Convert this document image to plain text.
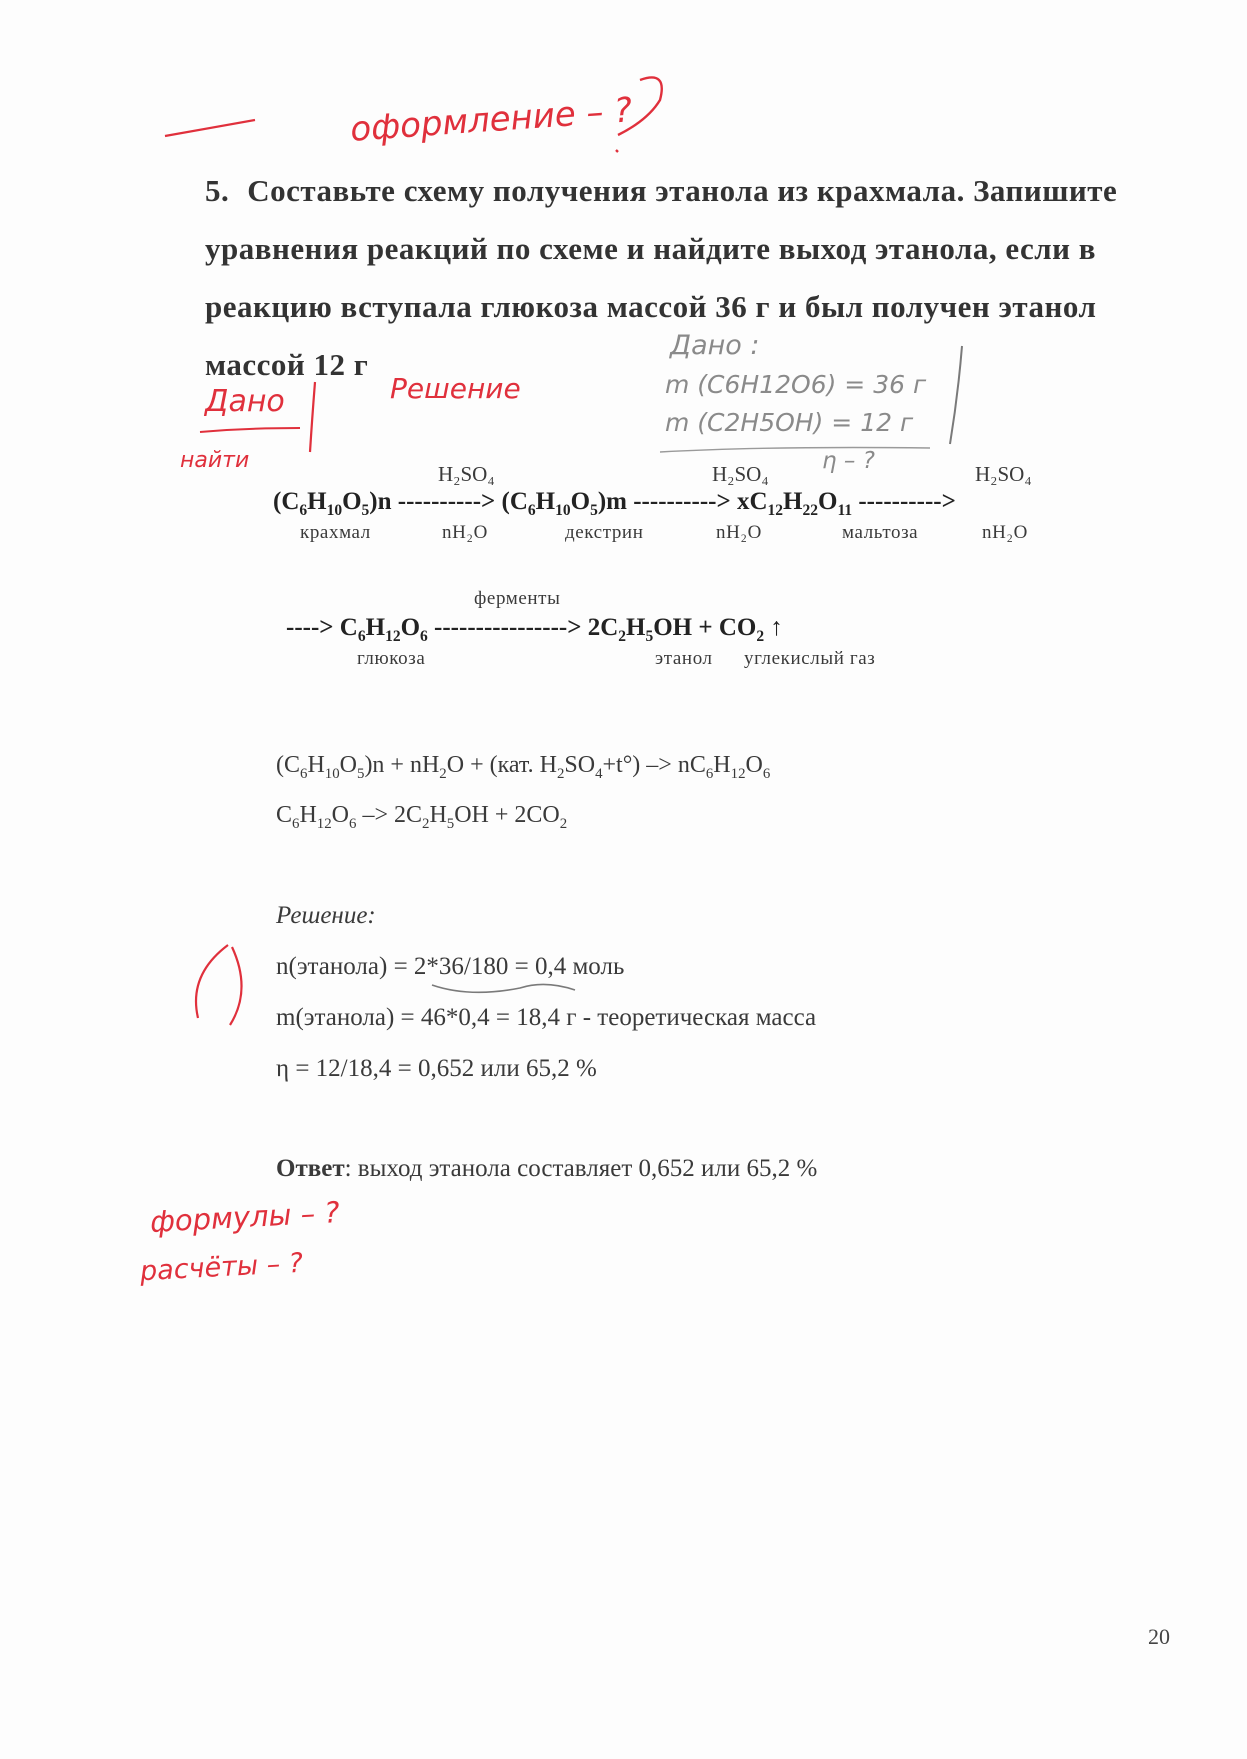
оформление – ?
Дано
найти
Решение
Дано :
m (C6H12O6) = 36 г
m (C2H5OH) = 12 г
η – ?
формулы – ?
расчёты – ?
5. Составьте схему получения этанола из крахмала. Запишите уравнения реакций по схеме и найдите выход этанола, если в реакцию вступала глюкоза массой 36 г и был получен этанол массой 12 г
H₂SO₄	H₂SO₄	H₂SO₄
$(C_6H_{10}O_5)n$ ----------> $(C_6H_{10}O_5)m$ ----------> $xC_{12}H_{22}O_{11}$ ---------->
крахмал	nH₂O	декстрин	nH₂O	мальтоза	nH₂O
ферменты
----> $C_6H_{12}O_6$ ----------------> $2C_2H_5OH + CO_2$ ↑
глюкоза	этанол углекислый газ
$(C_6H_{10}O_5)n + nH_2O + (кат$. $H_2SO_4+t^\circ) -> nC_6H_{12}O_6$
$C_6H_{12}O_6 -> 2C_2H_5OH + 2CO_2$
Решение:
n(этанола) = 2*36/180 = 0,4 моль
m(этанола) = 46*0,4 = 18,4 г - теоретическая масса
η = 12/18,4 = 0,652 или 65,2 %
Ответ: выход этанола составляет 0,652 или 65,2 %
20
